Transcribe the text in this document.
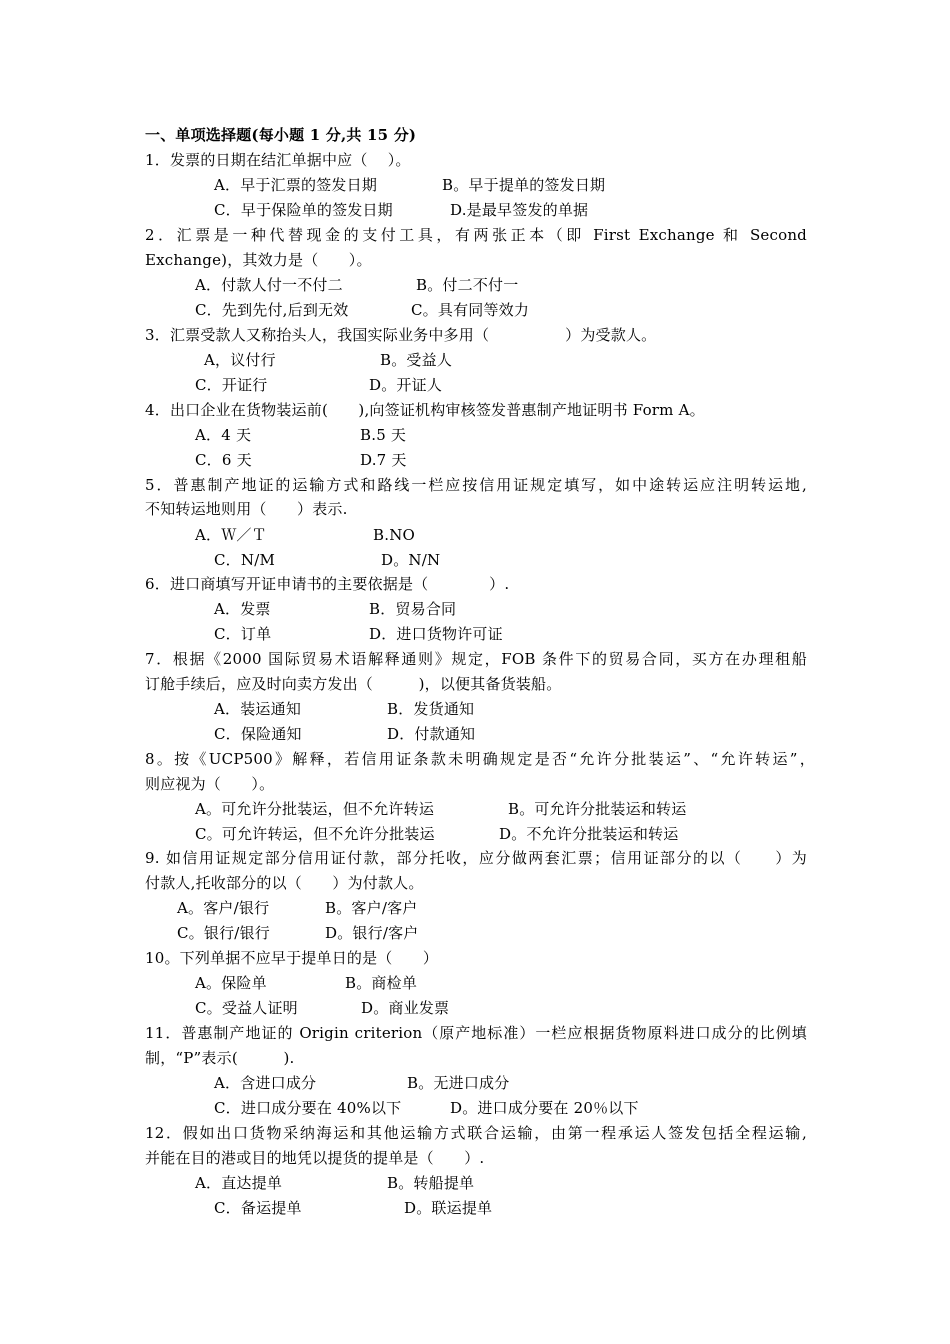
一、单项选择题(每小题 1 分,共 15 分)
1．发票的日期在结汇单据中应（　 ）。
A．早于汇票的签发日期	B。早于提单的签发日期
C．早于保险单的签发日期	D.是最早签发的单据
2．汇票是一种代替现金的支付工具，有两张正本（即 First Exchange 和 Second
Exchange)，其效力是（　　）。
A．付款人付一不付二	B。付二不付一
C．先到先付,后到无效	C。具有同等效力
3．汇票受款人又称抬头人，我国实际业务中多用（　　　　　）为受款人。
A，议付行	B。受益人
C．开证行	D。开证人
4．出口企业在货物装运前(　　),向签证机构审核签发普惠制产地证明书 Form A。
A．4 天	B.5 天
C．6 天	D.7 天
5．普惠制产地证的运输方式和路线一栏应按信用证规定填写，如中途转运应注明转运地,
不知转运地则用（　　）表示.
A．Ｗ／Ｔ	B.NO
C．N/M	D。N/N
6．进口商填写开证申请书的主要依据是（　　　　）.
A．发票	B．贸易合同
C．订单	D．进口货物许可证
7．根据《2000 国际贸易术语解释通则》规定，FOB 条件下的贸易合同，买方在办理租船
订舱手续后，应及时向卖方发出（　　　)，以便其备货装船。
A．装运通知	B．发货通知
C．保险通知	D．付款通知
8。按《UCP500》解释，若信用证条款未明确规定是否“允许分批装运”、“允许转运”，
则应视为（　　）。
A。可允许分批装运，但不允许转运	B。可允许分批装运和转运
C。可允许转运，但不允许分批装运	D。不允许分批装运和转运
9. 如信用证规定部分信用证付款，部分托收，应分做两套汇票；信用证部分的以（　　）为
付款人,托收部分的以（　　）为付款人。
A。客户/银行	B。客户/客户
C。银行/银行	D。银行/客户
10。下列单据不应早于提单日的是（　　）
A。保险单	B。商检单
C。受益人证明	D。商业发票
11．普惠制产地证的 Origin criterion（原产地标准）一栏应根据货物原料进口成分的比例填
制，“P”表示(　　　).
A．含进口成分	B。无进口成分
C．进口成分要在 40%以下	D。进口成分要在 20％以下
12．假如出口货物采纳海运和其他运输方式联合运输，由第一程承运人签发包括全程运输,
并能在目的港或目的地凭以提货的提单是（　　）.
A．直达提单	B。转船提单
C．备运提单	D。联运提单
